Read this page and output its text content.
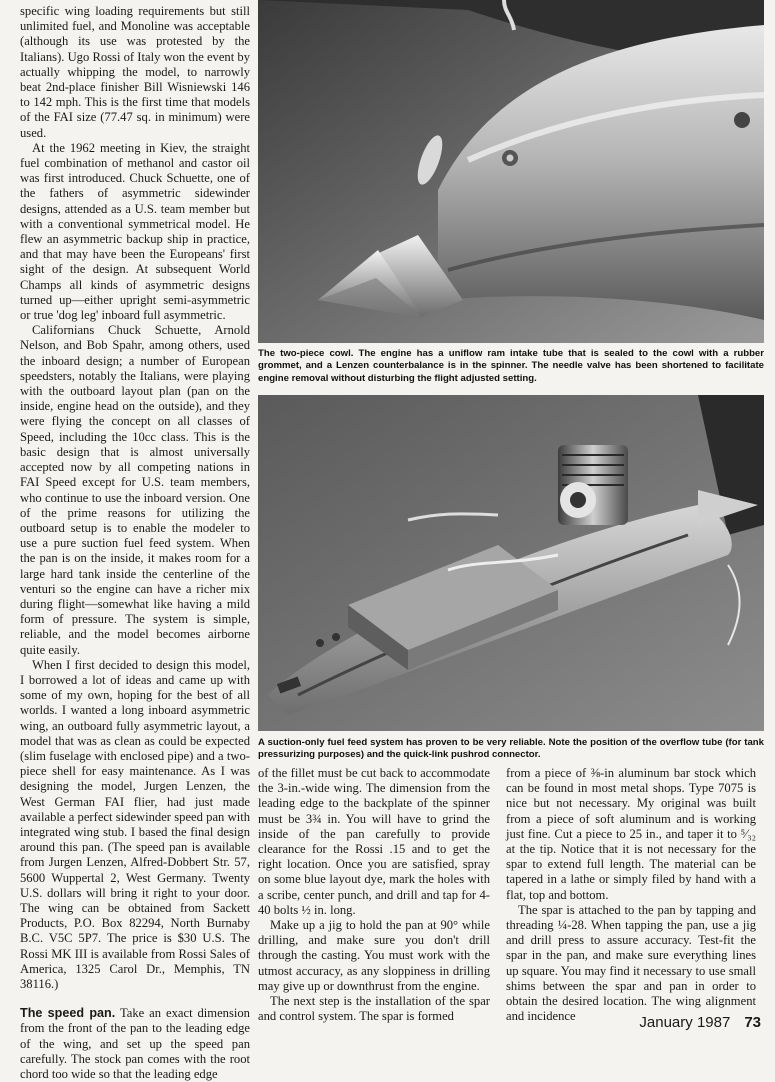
specific wing loading requirements but still unlimited fuel, and Monoline was acceptable (although its use was protested by the Italians). Ugo Rossi of Italy won the event by actually whipping the model, to narrowly beat 2nd-place finisher Bill Wisniewski 146 to 142 mph. This is the first time that models of the FAI size (77.47 sq. in minimum) were used.

At the 1962 meeting in Kiev, the straight fuel combination of methanol and castor oil was first introduced. Chuck Schuette, one of the fathers of asymmetric sidewinder designs, attended as a U.S. team member but with a conventional symmetrical model. He flew an asymmetric backup ship in practice, and that may have been the Europeans' first sight of the design. At subsequent World Champs all kinds of asymmetric designs turned up—either upright semi-asymmetric or true 'dog leg' inboard full asymmetric.

Californians Chuck Schuette, Arnold Nelson, and Bob Spahr, among others, used the inboard design; a number of European speedsters, notably the Italians, were playing with the outboard layout plan (pan on the inside, engine head on the outside), and they were flying the concept on all classes of Speed, including the 10cc class. This is the basic design that is almost universally accepted now by all competing nations in FAI Speed except for U.S. team members, who continue to use the inboard version. One of the prime reasons for utilizing the outboard setup is to enable the modeler to use a pure suction fuel feed system. When the pan is on the inside, it makes room for a large hard tank inside the centerline of the venturi so the engine can have a richer mix during flight—somewhat like having a mild form of pressure. The system is simple, reliable, and the model becomes airborne quite easily.

When I first decided to design this model, I borrowed a lot of ideas and came up with some of my own, hoping for the best of all worlds. I wanted a long inboard asymmetric wing, an outboard fully asymmetric layout, a model that was as clean as could be expected (slim fuselage with enclosed pipe) and a two-piece shell for easy maintenance. As I was designing the model, Jurgen Lenzen, the West German FAI flier, had just made available a perfect sidewinder speed pan with integrated wing stub. I based the final design around this pan. (The speed pan is available from Jurgen Lenzen, Alfred-Dobbert Str. 57, 5600 Wuppertal 2, West Germany. Twenty U.S. dollars will bring it right to your door. The wing can be obtained from Sackett Products, P.O. Box 82294, North Burnaby B.C. V5C 5P7. The price is $30 U.S. The Rossi MK III is available from Rossi Sales of America, 1325 Carol Dr., Memphis, TN 38116.)

The speed pan. Take an exact dimension from the front of the pan to the leading edge of the wing, and set up the speed pan carefully. The stock pan comes with the root chord too wide so that the leading edge

The two-piece cowl. The engine has a uniflow ram intake tube that is sealed to the cowl with a rubber grommet, and a Lenzen counterbalance is in the spinner. The needle valve has been shortened to facilitate engine removal without disturbing the flight adjusted setting.
A suction-only fuel feed system has proven to be very reliable. Note the position of the overflow tube (for tank pressurizing purposes) and the quick-link pushrod connector.

of the fillet must be cut back to accommodate the 3-in.-wide wing. The dimension from the leading edge to the backplate of the spinner must be 3¾ in. You will have to grind the inside of the pan carefully to provide clearance for the Rossi .15 and to get the right location. Once you are satisfied, spray on some blue layout dye, mark the holes with a scribe, center punch, and drill and tap for 4-40 bolts ½ in. long.

Make up a jig to hold the pan at 90° while drilling, and make sure you don't drill through the casting. You must work with the utmost accuracy, as any sloppiness in drilling may give up or downthrust from the engine.

The next step is the installation of the spar and control system. The spar is formed

from a piece of ⅜-in aluminum bar stock which can be found in most metal shops. Type 7075 is nice but not necessary. My original was built from a piece of soft aluminum and is working just fine. Cut a piece to 25 in., and taper it to ⁵⁄₃₂ at the tip. Notice that it is not necessary for the spar to extend full length. The material can be tapered in a lathe or simply filed by hand with a flat, top and bottom.

The spar is attached to the pan by tapping and threading ¼-28. When tapping the pan, use a jig and drill press to assure accuracy. Test-fit the spar in the pan, and make sure everything lines up square. You may find it necessary to use small shims between the spar and pan in order to obtain the desired location. The wing alignment and incidence	January 1987 73
